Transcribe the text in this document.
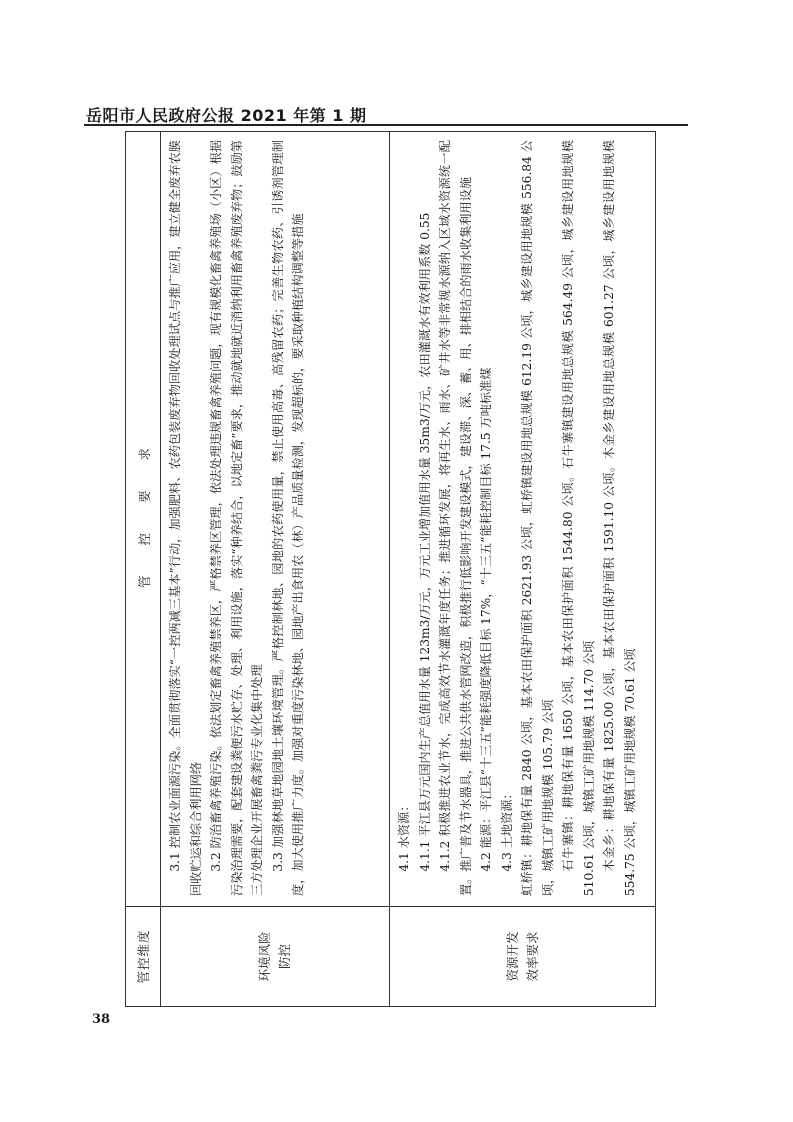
岳阳市人民政府公报 2021 年第 1 期
管控维度
管控要求
环境风险 防控

3.1 控制农业面源污染。全面贯彻落实“一控两减三基本”行动，加强肥料、农药包装废弃物回收处理试点与推广应用，建立健全废弃农膜回收贮运和综合利用网络 3.2 防治畜禽养殖污染。依法划定畜禽养殖禁养区，严格禁养区管理，依法处理违规畜禽养殖问题，现有规模化畜禽养殖场（小区）根据污染治理需要，配套建设粪便污水贮存、处理、利用设施，落实“种养结合，以地定畜”要求，推动就地就近消纳利用畜禽养殖废弃物；鼓励第三方处理企业开展畜禽粪污专业化集中处理 3.3 加强林地草地园地土壤环境管理。严格控制林地、园地的农药使用量，禁止使用高毒、高残留农药；完善生物农药、引诱剂管理制度，加大使用推广力度。加强对重度污染林地、园地产出食用农（林）产品质量检测，发现超标的，要采取种植结构调整等措施

资源开发 效率要求

4.1 水资源： 4.1.1 平江县万元国内生产总值用水量 123m3/万元，万元工业增加值用水量 35m3/万元，农田灌溉水有效利用系数 0.55 4.1.2 积极推进农业节水，完成高效节水灌溉年度任务；推进循环发展，将再生水、雨水、矿井水等非常规水源纳入区域水资源统一配置。推广普及节水器具，推进公共供水管网改造，积极推行低影响开发建设模式，建设滞、深、蓄、用、排相结合的雨水收集利用设施 4.2 能源：平江县“十三五”能耗强度降低目标 17%，“十三五”能耗控制目标 17.5 万吨标准煤 4.3 土地资源： 虹桥镇：耕地保有量 2840 公顷，基本农田保护面积 2621.93 公顷，虹桥镇建设用地总规模 612.19 公顷，城乡建设用地规模 556.84 公顷，城镇工矿用地规模 105.79 公顷 石牛寨镇：耕地保有量 1650 公顷，基本农田保护面积 1544.80 公顷。石牛寨镇建设用地总规模 564.49 公顷，城乡建设用地规模 510.61 公顷，城镇工矿用地规模 114.70 公顷 木金乡：耕地保有量 1825.00 公顷，基本农田保护面积 1591.10 公顷。木金乡建设用地总规模 601.27 公顷，城乡建设用地规模 554.75 公顷，城镇工矿用地规模 70.61 公顷

38
